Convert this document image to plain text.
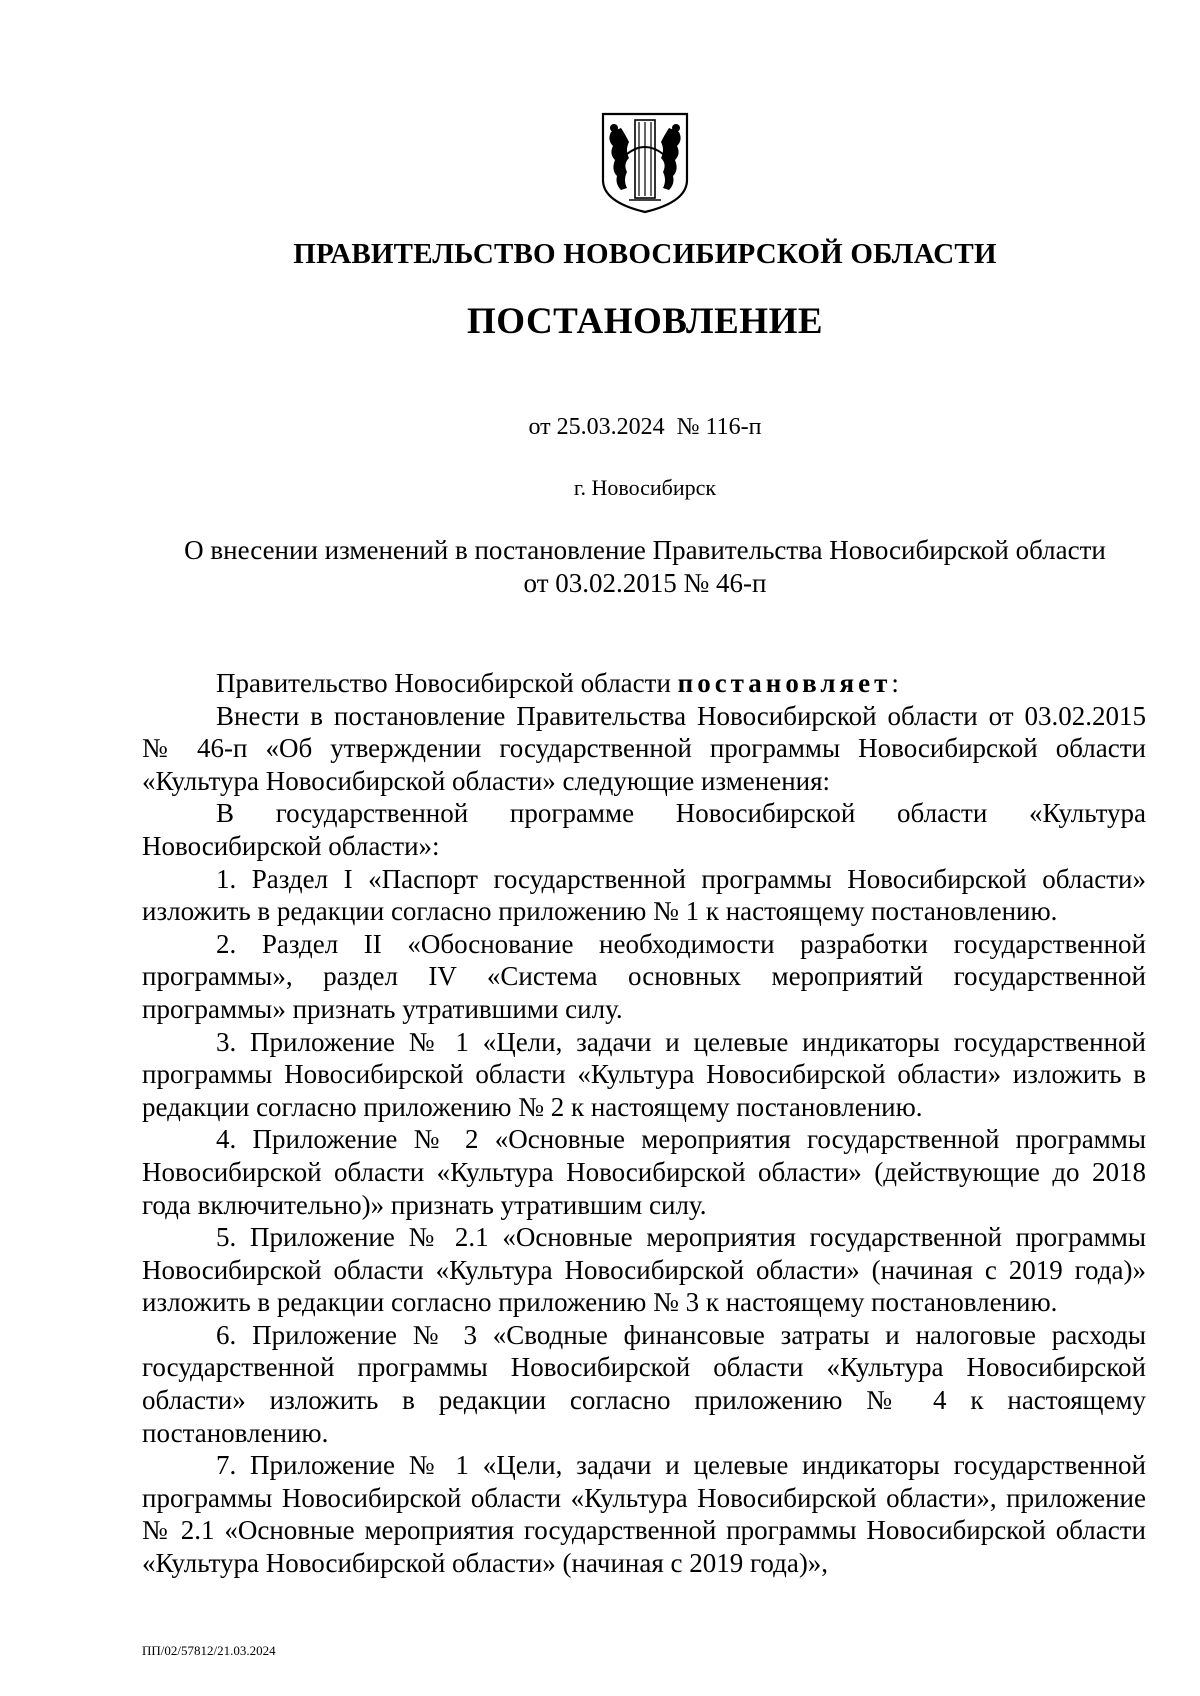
ПРАВИТЕЛЬСТВО НОВОСИБИРСКОЙ ОБЛАСТИ
ПОСТАНОВЛЕНИЕ
от 25.03.2024  № 116-п
г. Новосибирск
О внесении изменений в постановление Правительства Новосибирской области
от 03.02.2015 № 46-п

Правительство Новосибирской области постановляет:

Внести в постановление Правительства Новосибирской области от 03.02.2015 № 46-п «Об утверждении государственной программы Новосибирской области «Культура Новосибирской области» следующие изменения:

В государственной программе Новосибирской области «Культура Новосибирской области»:

1. Раздел I «Паспорт государственной программы Новосибирской области» изложить в редакции согласно приложению № 1 к настоящему постановлению.

2. Раздел II «Обоснование необходимости разработки государственной программы», раздел IV «Система основных мероприятий государственной программы» признать утратившими силу.

3. Приложение № 1 «Цели, задачи и целевые индикаторы государственной программы Новосибирской области «Культура Новосибирской области» изложить в редакции согласно приложению № 2 к настоящему постановлению.

4. Приложение № 2 «Основные мероприятия государственной программы Новосибирской области «Культура Новосибирской области» (действующие до 2018 года включительно)» признать утратившим силу.

5. Приложение № 2.1 «Основные мероприятия государственной программы Новосибирской области «Культура Новосибирской области» (начиная с 2019 года)» изложить в редакции согласно приложению № 3 к настоящему постановлению.

6. Приложение № 3 «Сводные финансовые затраты и налоговые расходы государственной программы Новосибирской области «Культура Новосибирской области» изложить в редакции согласно приложению № 4 к настоящему постановлению.

7. Приложение № 1 «Цели, задачи и целевые индикаторы государственной программы Новосибирской области «Культура Новосибирской области», приложение № 2.1 «Основные мероприятия государственной программы Новосибирской области «Культура Новосибирской области» (начиная с 2019 года)»,

ПП/02/57812/21.03.2024
